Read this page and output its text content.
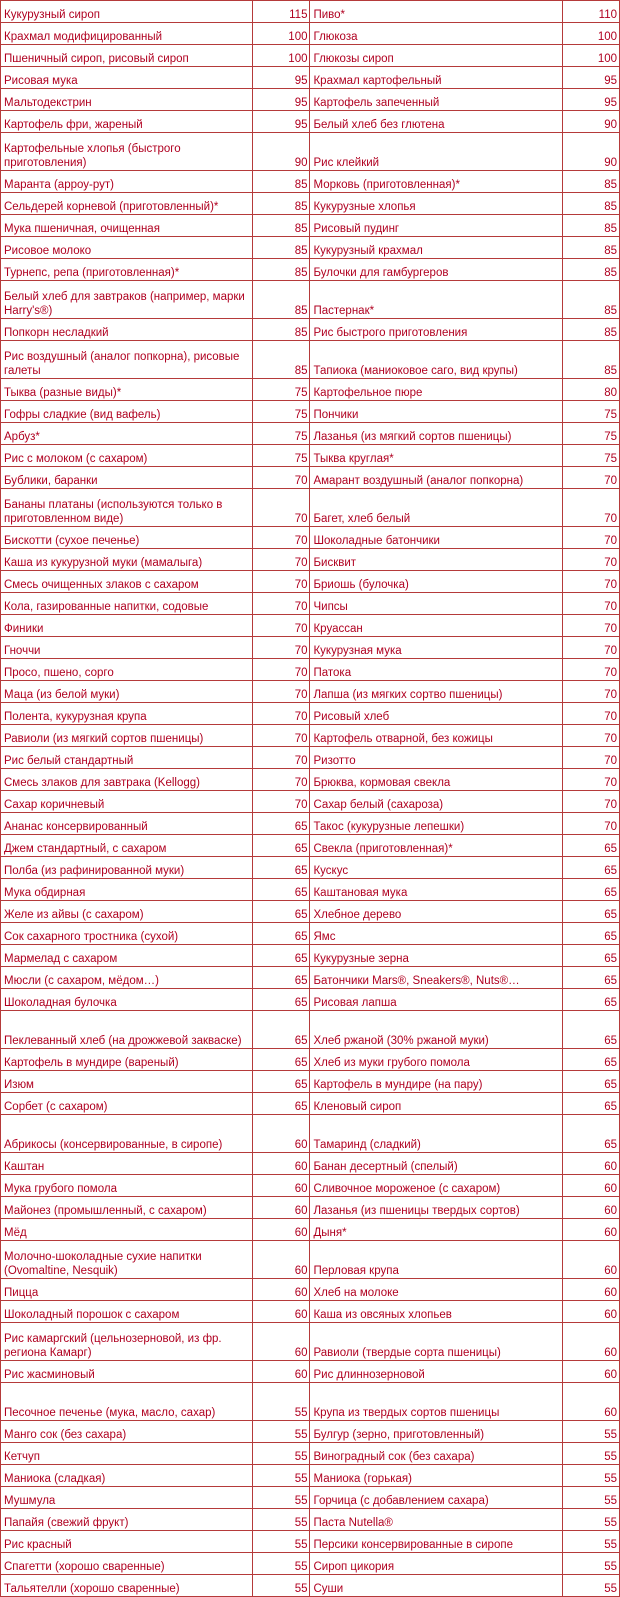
Кукурузный сироп	115	Пиво*	110
Крахмал модифицированный	100	Глюкоза	100
Пшеничный сироп, рисовый сироп	100	Глюкозы сироп	100
Рисовая мука	95	Крахмал картофельный	95
Мальтодекстрин	95	Картофель запеченный	95
Картофель фри, жареный	95	Белый хлеб без глютена	90
Картофельные хлопья (быстрого приготовления)	90	Рис клейкий	90
Маранта (арроу-рут)	85	Морковь (приготовленная)*	85
Сельдерей корневой (приготовленный)*	85	Кукурузные хлопья	85
Мука пшеничная, очищенная	85	Рисовый пудинг	85
Рисовое молоко	85	Кукурузный крахмал	85
Турнепс, репа (приготовленная)*	85	Булочки для гамбургеров	85
Белый хлеб для завтраков (например, марки Harry's®)	85	Пастернак*	85
Попкорн несладкий	85	Рис быстрого приготовления	85
Рис воздушный (аналог попкорна), рисовые галеты	85	Тапиока (маниоковое саго, вид крупы)	85
Тыква (разные виды)*	75	Картофельное пюре	80
Гофры сладкие (вид вафель)	75	Пончики	75
Арбуз*	75	Лазанья (из мягкий сортов пшеницы)	75
Рис с молоком (с сахаром)	75	Тыква круглая*	75
Бублики, баранки	70	Амарант воздушный (аналог попкорна)	70
Бананы платаны (используются только в приготовленном виде)	70	Багет, хлеб белый	70
Бискотти (сухое печенье)	70	Шоколадные батончики	70
Каша из кукурузной муки (мамалыга)	70	Бисквит	70
Смесь очищенных злаков с сахаром	70	Бриошь (булочка)	70
Кола, газированные напитки, содовые	70	Чипсы	70
Финики	70	Круассан	70
Гноччи	70	Кукурузная мука	70
Просо, пшено, сорго	70	Патока	70
Маца (из белой муки)	70	Лапша (из мягких сортво пшеницы)	70
Полента, кукурузная крупа	70	Рисовый хлеб	70
Равиоли (из мягкий сортов пшеницы)	70	Картофель отварной, без кожицы	70
Рис белый стандартный	70	Ризотто	70
Смесь злаков для завтрака (Kellogg)	70	Брюква, кормовая свекла	70
Сахар коричневый	70	Сахар белый (сахароза)	70
Ананас консервированный	65	Такос (кукурузные лепешки)	70
Джем стандартный, с сахаром	65	Свекла (приготовленная)*	65
Полба (из рафинированной муки)	65	Кускус	65
Мука обдирная	65	Каштановая мука	65
Желе из айвы (с сахаром)	65	Хлебное дерево	65
Сок сахарного тростника (сухой)	65	Ямс	65
Мармелад с сахаром	65	Кукурузные зерна	65
Мюсли (с сахаром, мёдом…)	65	Батончики Mars®, Sneakers®, Nuts®…	65
Шоколадная булочка	65	Рисовая лапша	65
Пеклеванный хлеб (на дрожжевой закваске)	65	Хлеб ржаной (30% ржаной муки)	65
Картофель в мундире (вареный)	65	Хлеб из муки грубого помола	65
Изюм	65	Картофель в мундире (на пару)	65
Сорбет (с сахаром)	65	Кленовый сироп	65
Абрикосы (консервированные, в сиропе)	60	Тамаринд (сладкий)	65
Каштан	60	Банан десертный (спелый)	60
Мука грубого помола	60	Сливочное мороженое (с сахаром)	60
Майонез (промышленный, с сахаром)	60	Лазанья (из пшеницы твердых сортов)	60
Мёд	60	Дыня*	60
Молочно-шоколадные сухие напитки (Ovomaltine, Nesquik)	60	Перловая крупа	60
Пицца	60	Хлеб на молоке	60
Шоколадный порошок с сахаром	60	Каша из овсяных хлопьев	60
Рис камаргский (цельнозерновой, из фр. региона Камарг)	60	Равиоли (твердые сорта пшеницы)	60
Рис жасминовый	60	Рис длиннозерновой	60
Песочное печенье (мука, масло, сахар)	55	Крупа из твердых сортов пшеницы	60
Манго сок (без сахара)	55	Булгур (зерно, приготовленный)	55
Кетчуп	55	Виноградный сок (без сахара)	55
Маниока (сладкая)	55	Маниока (горькая)	55
Мушмула	55	Горчица (с добавлением сахара)	55
Папайя (свежий фрукт)	55	Паста Nutella®	55
Рис красный	55	Персики консервированные в сиропе	55
Спагетти (хорошо сваренные)	55	Сироп цикория	55
Тальятелли (хорошо сваренные)	55	Суши	55
